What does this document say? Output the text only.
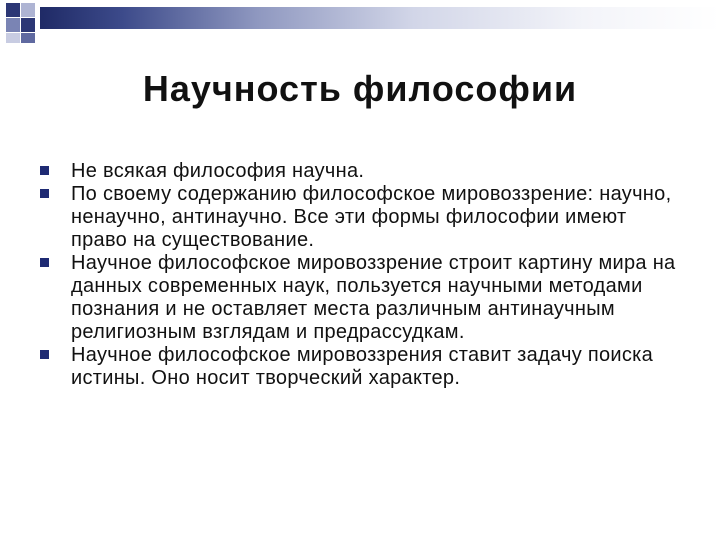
Научность философии
Не всякая философия научна.
По своему содержанию философское мировоззрение: научно, ненаучно, антинаучно. Все эти формы философии имеют право на существование.
Научное философское мировоззрение строит картину мира на данных современных наук, пользуется научными методами познания и не оставляет места различным антинаучным религиозным взглядам и предрассудкам.
Научное философское мировоззрения ставит задачу поиска истины. Оно носит творческий характер.
